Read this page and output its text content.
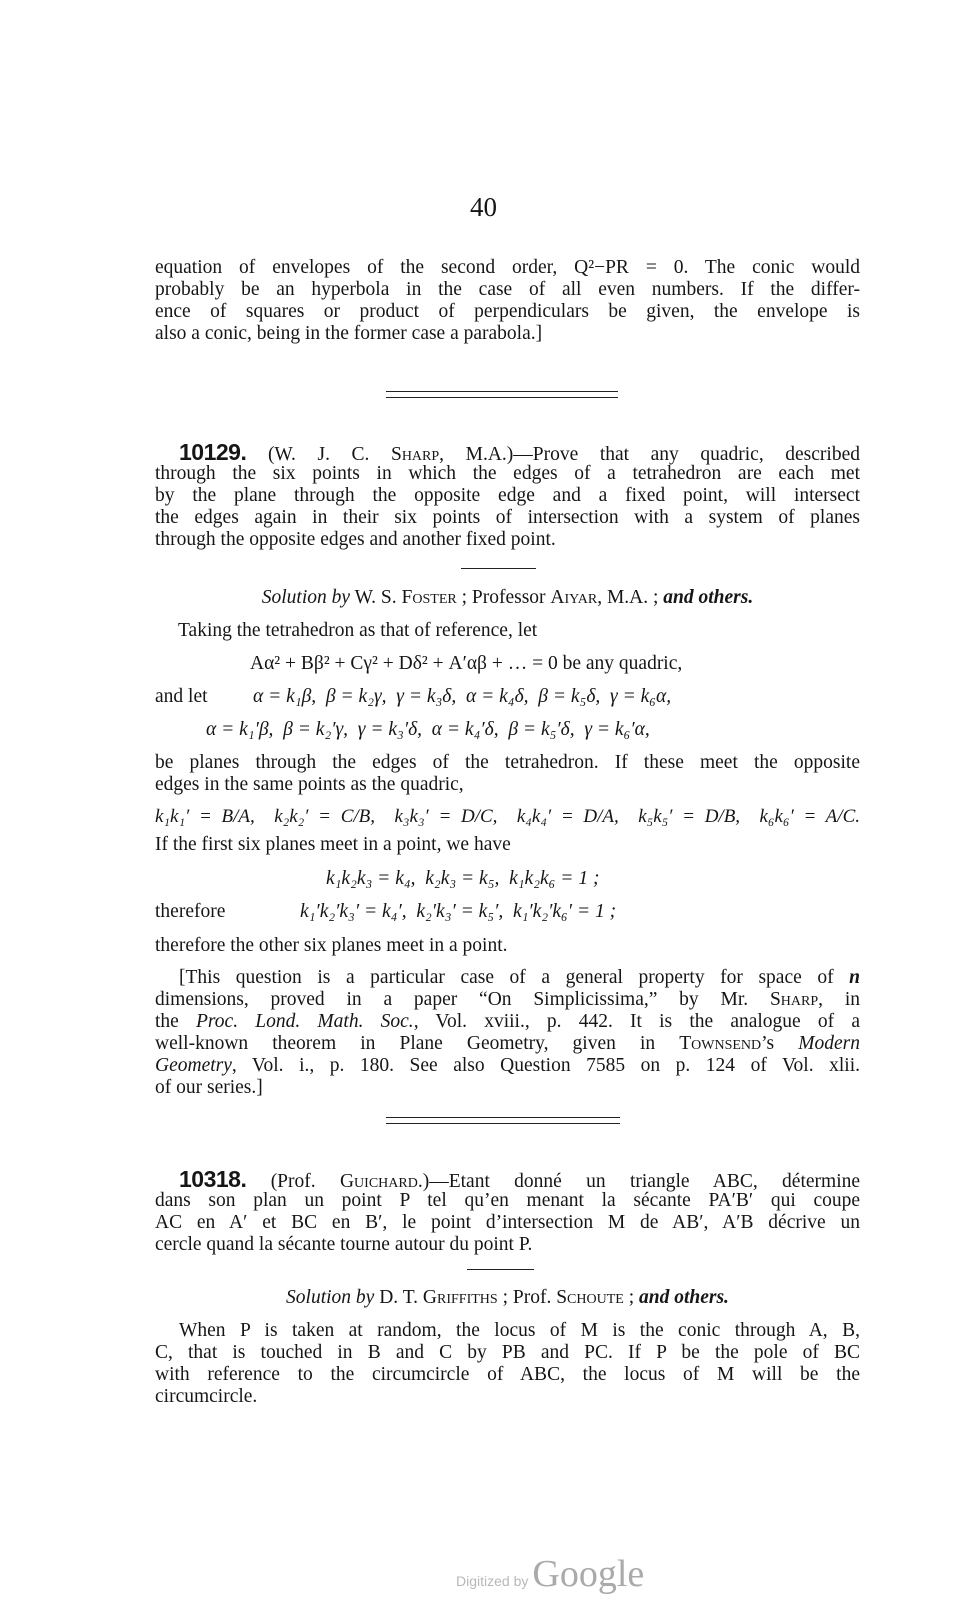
40
equation of envelopes of the second order, Q²−PR = 0. The conic would
probably be an hyperbola in the case of all even numbers. If the differ-
ence of squares or product of perpendiculars be given, the envelope is
also a conic, being in the former case a parabola.]
10129. (W. J. C. Sharp, M.A.)—Prove that any quadric, described
through the six points in which the edges of a tetrahedron are each met
by the plane through the opposite edge and a fixed point, will intersect
the edges again in their six points of intersection with a system of planes
through the opposite edges and another fixed point.
Solution by W. S. Foster ; Professor Aiyar, M.A. ; and others.
Taking the tetrahedron as that of reference, let
Aα² + Bβ² + Cγ² + Dδ² + A′αβ + … = 0 be any quadric,
and let α = k₁β,  β = k₂γ,  γ = k₃δ,  α = k₄δ,  β = k₅δ,  γ = k₆α,
α = k₁′β,  β = k₂′γ,  γ = k₃′δ,  α = k₄′δ,  β = k₅′δ,  γ = k₆′α,
be planes through the edges of the tetrahedron. If these meet the opposite
edges in the same points as the quadric,
k₁k₁′ = B/A,  k₂k₂′ = C/B,  k₃k₃′ = D/C,  k₄k₄′ = D/A,  k₅k₅′ = D/B,  k₆k₆′ = A/C.
If the first six planes meet in a point, we have
k₁k₂k₃ = k₄,  k₂k₃ = k₅,  k₁k₂k₆ = 1 ;
therefore	k₁′k₂′k₃′ = k₄′,  k₂′k₃′ = k₅′,  k₁′k₂′k₆′ = 1 ;
therefore the other six planes meet in a point.
[This question is a particular case of a general property for space of n
dimensions, proved in a paper “On Simplicissima,” by Mr. Sharp, in
the Proc. Lond. Math. Soc., Vol. xviii., p. 442. It is the analogue of a
well-known theorem in Plane Geometry, given in Townsend’s Modern
Geometry, Vol. i., p. 180. See also Question 7585 on p. 124 of Vol. xlii.
of our series.]
10318. (Prof. Guichard.)—Etant donné un triangle ABC, détermine
dans son plan un point P tel qu’en menant la sécante PA′B′ qui coupe
AC en A′ et BC en B′, le point d’intersection M de AB′, A′B décrive un
cercle quand la sécante tourne autour du point P.
Solution by D. T. Griffiths ; Prof. Schoute ; and others.
When P is taken at random, the locus of M is the conic through A, B,
C, that is touched in B and C by PB and PC. If P be the pole of BC
with reference to the circumcircle of ABC, the locus of M will be the
circumcircle.
Digitized by Google
